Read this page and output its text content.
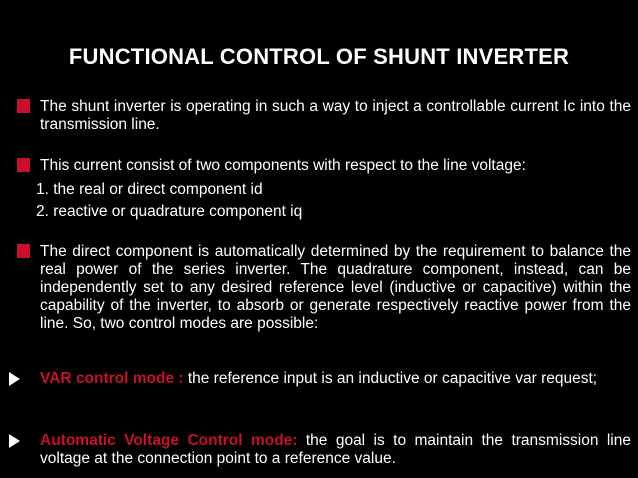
FUNCTIONAL CONTROL OF SHUNT INVERTER
The shunt inverter is operating in such a way to inject a controllable current Ic into the transmission line.
This current consist of two components with respect to the line voltage:
1. the real or direct component id
2. reactive or quadrature component iq
The direct component is automatically determined by the requirement to balance the real power of the series inverter. The quadrature component, instead, can be independently set to any desired reference level (inductive or capacitive) within the capability of the inverter, to absorb or generate respectively reactive power from the line. So, two control modes are possible:
VAR control mode : the reference input is an inductive or capacitive var request;
Automatic Voltage Control mode: the goal is to maintain the transmission line voltage at the connection point to a reference value.
